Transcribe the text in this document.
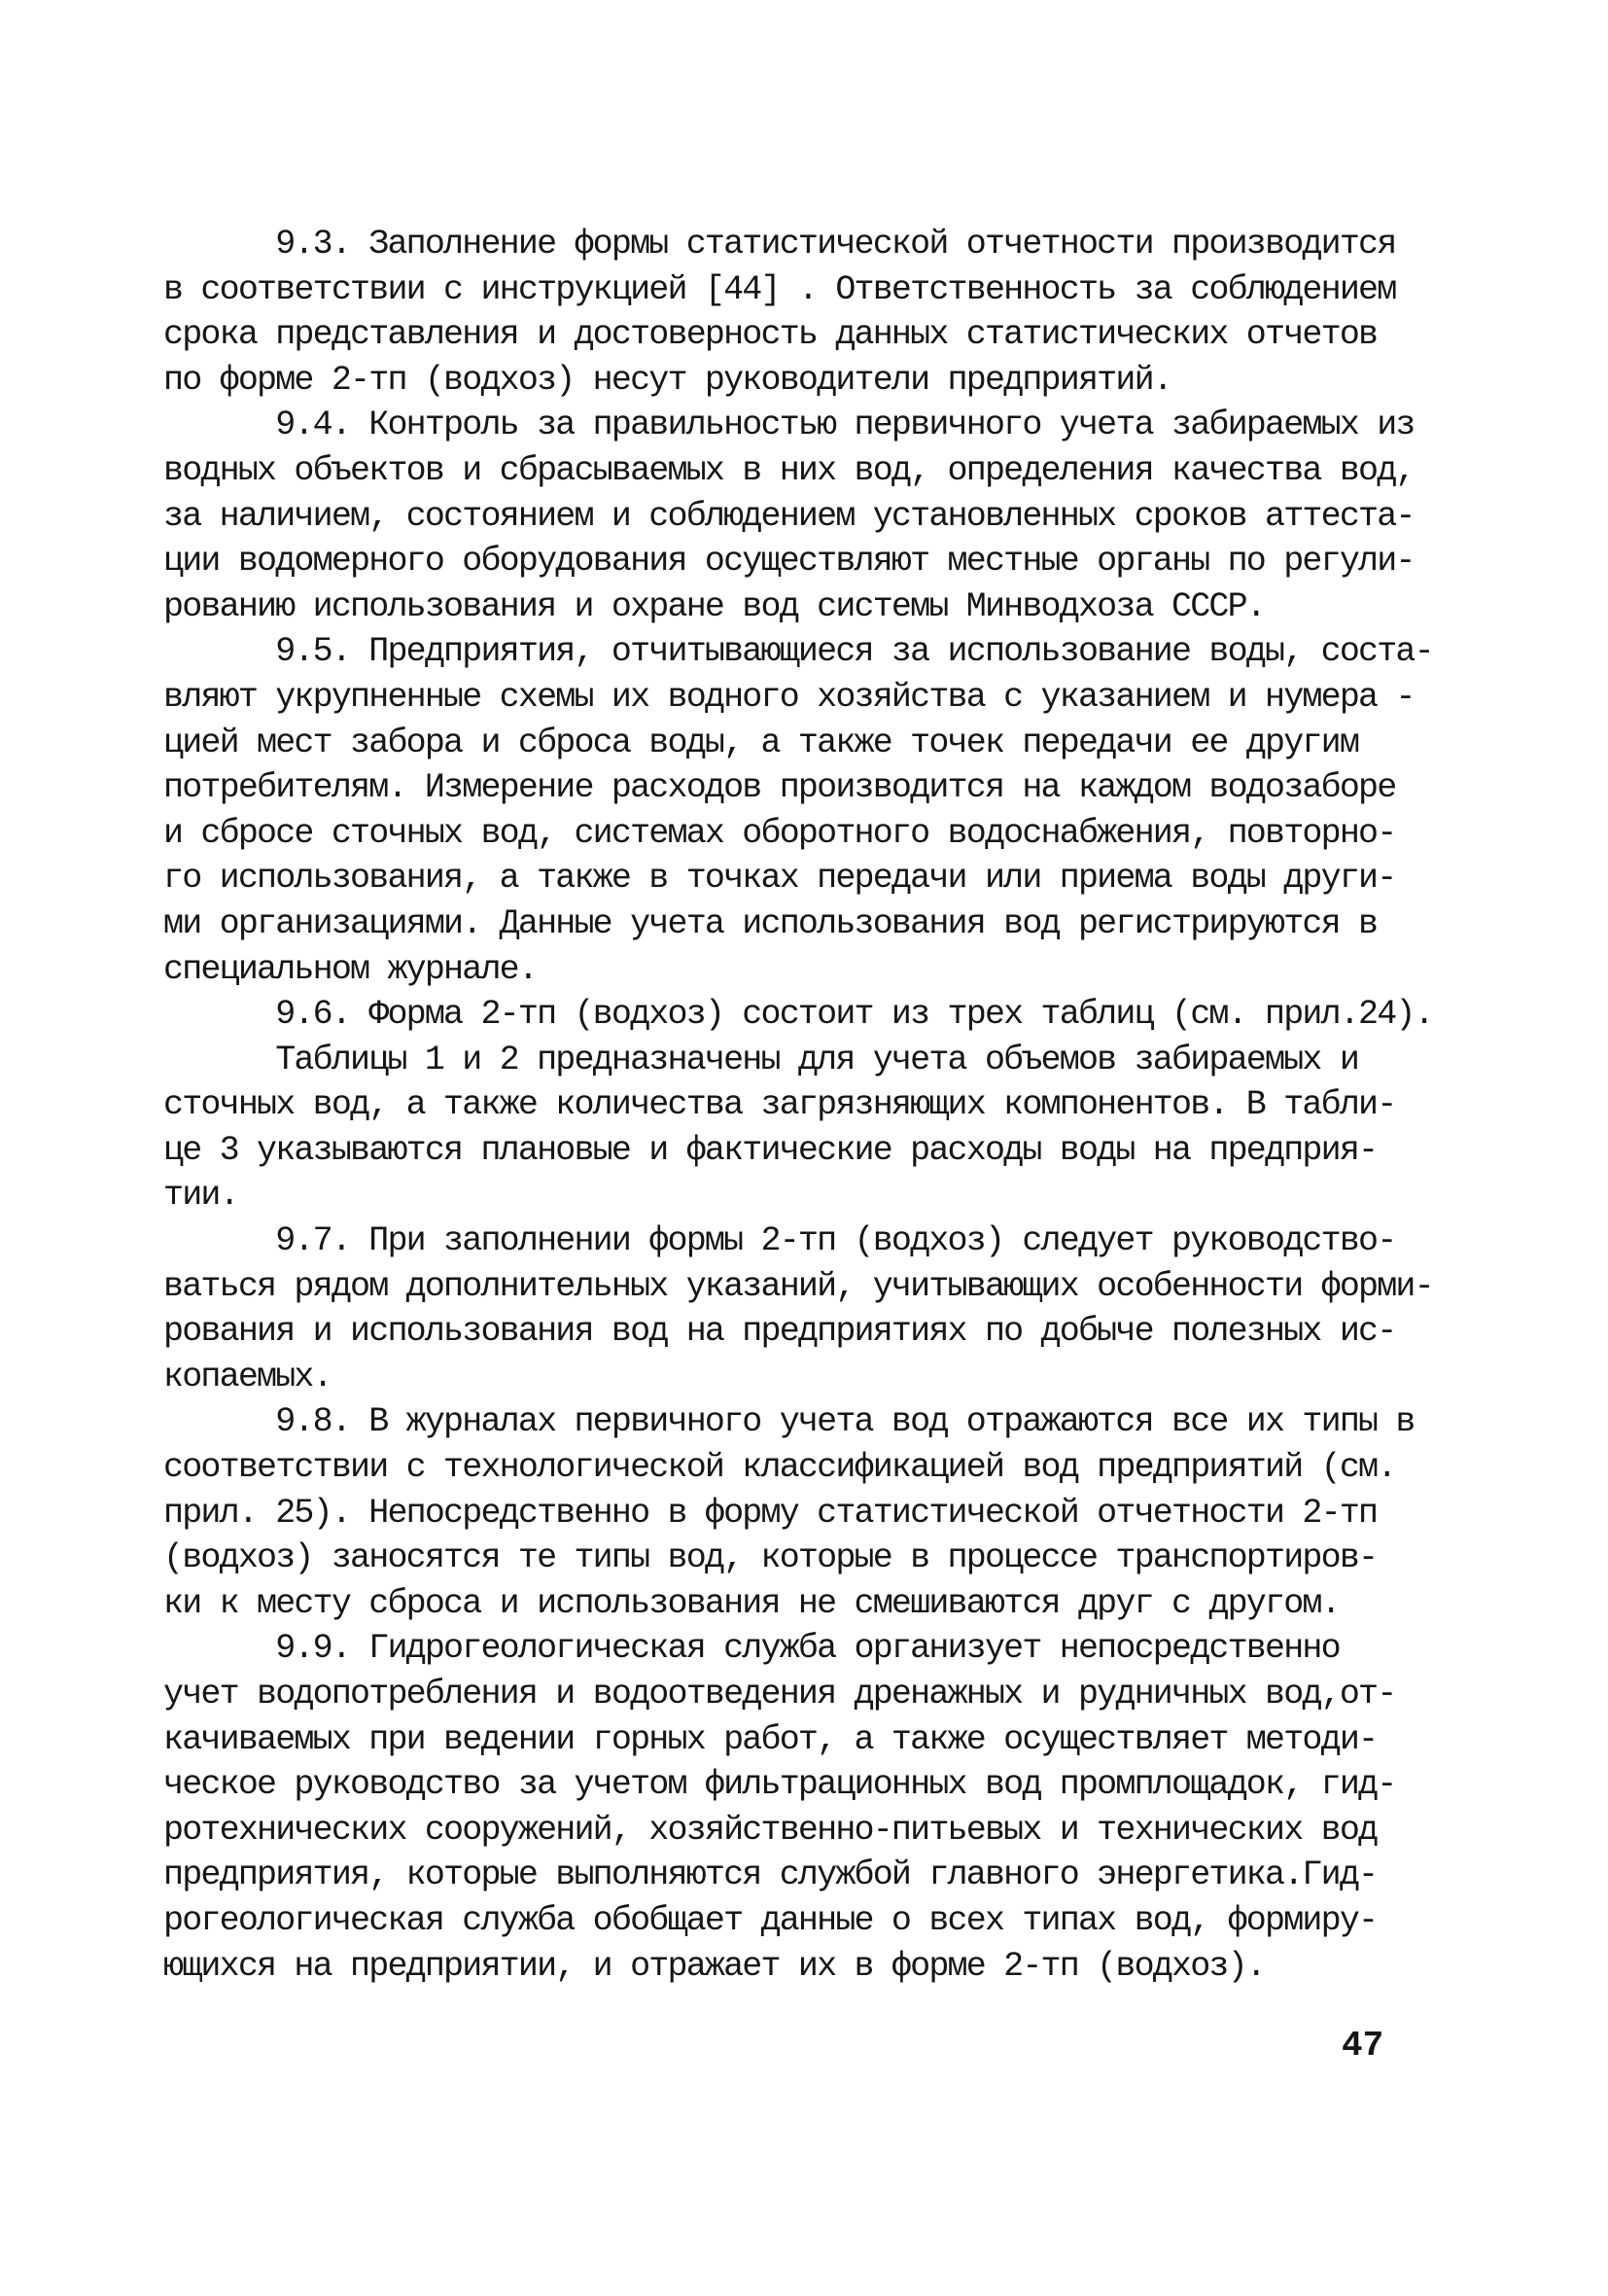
9.3. Заполнение формы статистической отчетности производится
в соответствии с инструкцией [44] . Ответственность за соблюдением
срока представления и достоверность данных статистических отчетов
по форме 2-тп (водхоз) несут руководители предприятий.
9.4. Контроль за правильностью первичного учета забираемых из
водных объектов и сбрасываемых в них вод, определения качества вод,
за наличием, состоянием и соблюдением установленных сроков аттеста-
ции водомерного оборудования осуществляют местные органы по регули-
рованию использования и охране вод системы Минводхоза СССР.
9.5. Предприятия, отчитывающиеся за использование воды, соста-
вляют укрупненные схемы их водного хозяйства с указанием и нумера -
цией мест забора и сброса воды, а также точек передачи ее другим
потребителям. Измерение расходов производится на каждом водозаборе
и сбросе сточных вод, системах оборотного водоснабжения, повторно-
го использования, а также в точках передачи или приема воды други-
ми организациями. Данные учета использования вод регистрируются в
специальном журнале.
9.6. Форма 2-тп (водхоз) состоит из трех таблиц (см. прил.24).
Таблицы 1 и 2 предназначены для учета объемов забираемых и
сточных вод, а также количества загрязняющих компонентов. В табли-
це 3 указываются плановые и фактические расходы воды на предприя-
тии.
9.7. При заполнении формы 2-тп (водхоз) следует руководство-
ваться рядом дополнительных указаний, учитывающих особенности форми-
рования и использования вод на предприятиях по добыче полезных ис-
копаемых.
9.8. В журналах первичного учета вод отражаются все их типы в
соответствии с технологической классификацией вод предприятий (см.
прил. 25). Непосредственно в форму статистической отчетности 2-тп
(водхоз) заносятся те типы вод, которые в процессе транспортиров-
ки к месту сброса и использования не смешиваются друг с другом.
9.9. Гидрогеологическая служба организует непосредственно
учет водопотребления и водоотведения дренажных и рудничных вод,от-
качиваемых при ведении горных работ, а также осуществляет методи-
ческое руководство за учетом фильтрационных вод промплощадок, гид-
ротехнических сооружений, хозяйственно-питьевых и технических вод
предприятия, которые выполняются службой главного энергетика.Гид-
рогеологическая служба обобщает данные о всех типах вод, формиру-
ющихся на предприятии, и отражает их в форме 2-тп (водхоз).
47
